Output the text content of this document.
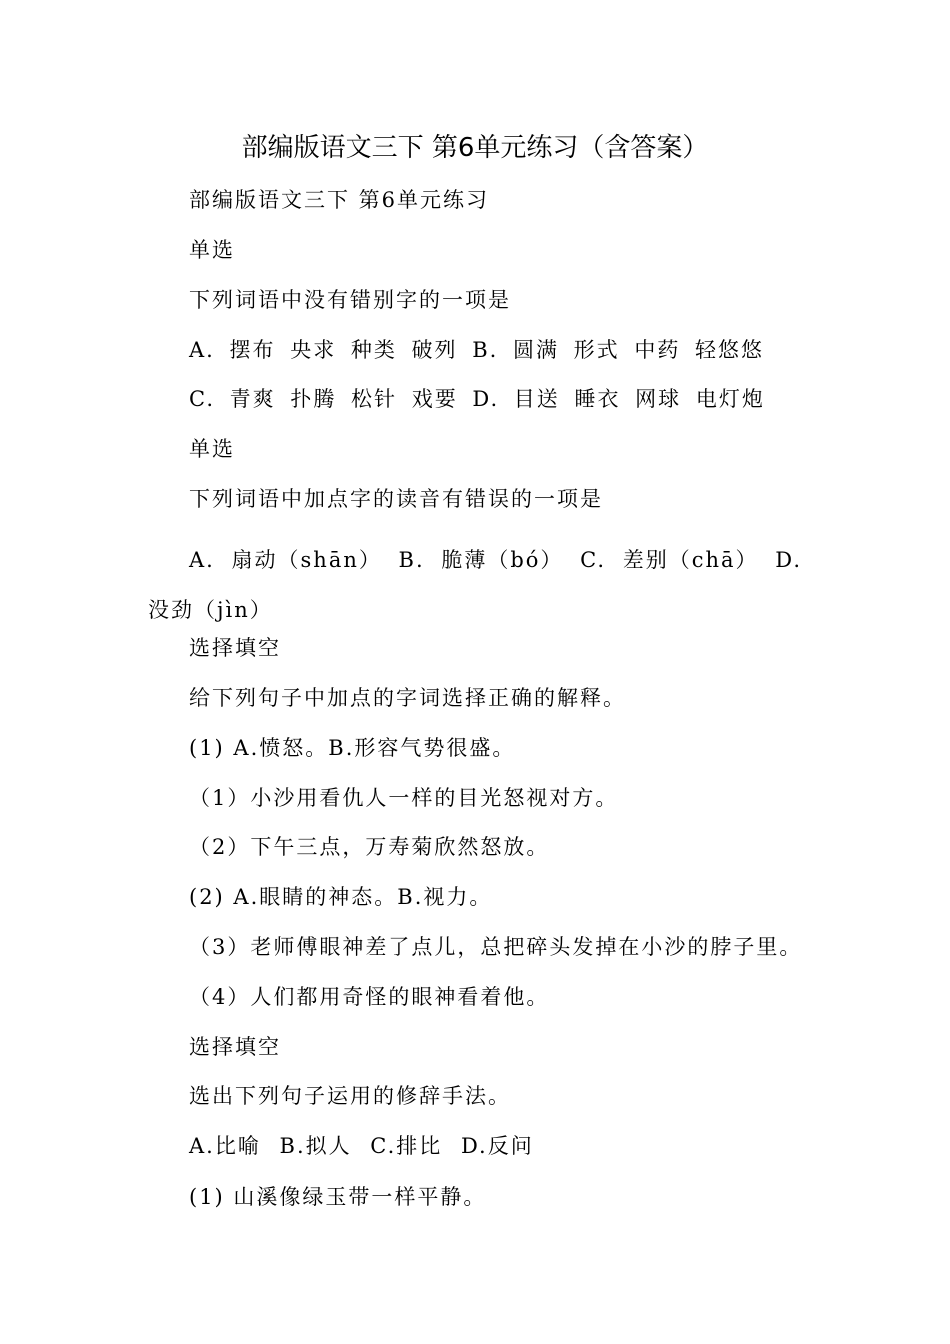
部编版语文三下 第6单元练习（含答案）
部编版语文三下 第6单元练习
单选
下列词语中没有错别字的一项是
A. 摆布 央求 种类 破列 B. 圆满 形式 中药 轻悠悠
C. 青爽 扑腾 松针 戏要 D. 目送 睡衣 网球 电灯炮
单选
下列词语中加点字的读音有错误的一项是
A. 扇动（shān） B. 脆薄（bó） C. 差别（chā） D. 没劲（jìn）
选择填空
给下列句子中加点的字词选择正确的解释。
(1) A.愤怒。B.形容气势很盛。
（1）小沙用看仇人一样的目光怒视对方。
（2）下午三点，万寿菊欣然怒放。
(2) A.眼睛的神态。B.视力。
（3）老师傅眼神差了点儿，总把碎头发掉在小沙的脖子里。
（4）人们都用奇怪的眼神看着他。
选择填空
选出下列句子运用的修辞手法。
A.比喻 B.拟人 C.排比 D.反问
(1) 山溪像绿玉带一样平静。
